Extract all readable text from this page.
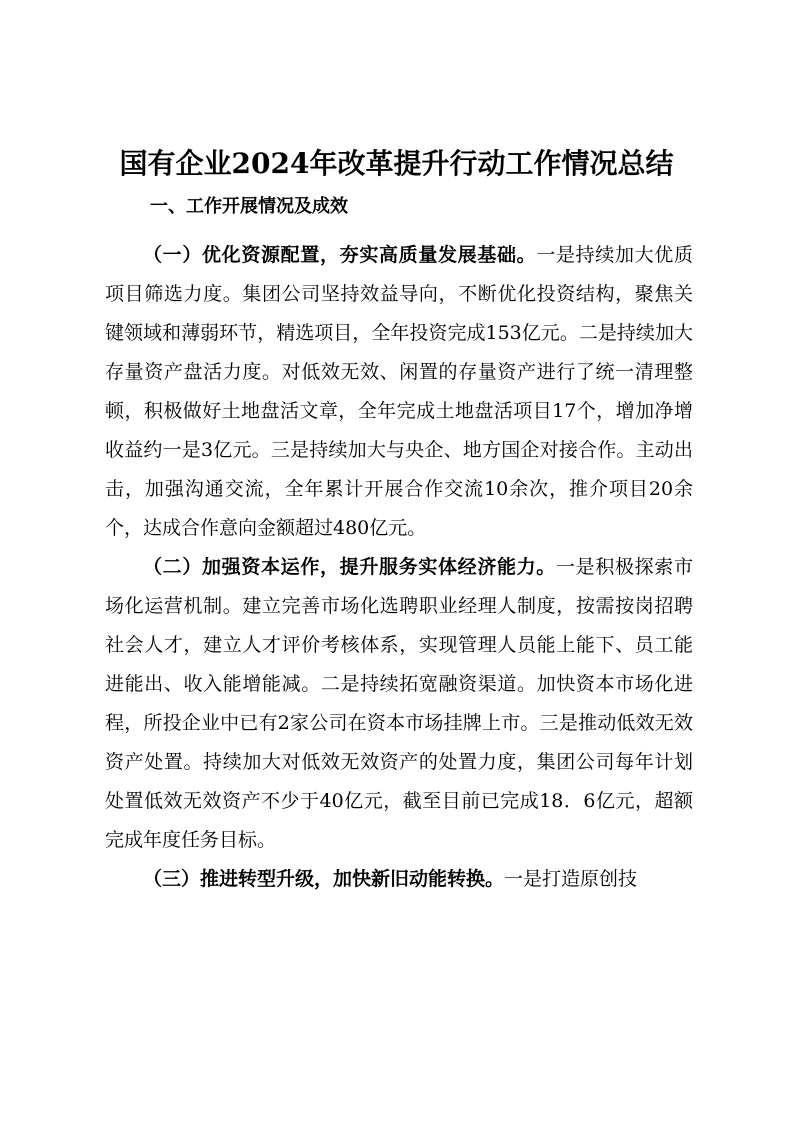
国有企业2024年改革提升行动工作情况总结
一、工作开展情况及成效

（一）优化资源配置，夯实高质量发展基础。一是持续加大优质项目筛选力度。集团公司坚持效益导向，不断优化投资结构，聚焦关键领域和薄弱环节，精选项目，全年投资完成153亿元。二是持续加大存量资产盘活力度。对低效无效、闲置的存量资产进行了统一清理整顿，积极做好土地盘活文章，全年完成土地盘活项目17个，增加净增收益约一是3亿元。三是持续加大与央企、地方国企对接合作。主动出击，加强沟通交流，全年累计开展合作交流10余次，推介项目20余个，达成合作意向金额超过480亿元。

（二）加强资本运作，提升服务实体经济能力。一是积极探索市场化运营机制。建立完善市场化选聘职业经理人制度，按需按岗招聘社会人才，建立人才评价考核体系，实现管理人员能上能下、员工能进能出、收入能增能减。二是持续拓宽融资渠道。加快资本市场化进程，所投企业中已有2家公司在资本市场挂牌上市。三是推动低效无效资产处置。持续加大对低效无效资产的处置力度，集团公司每年计划处置低效无效资产不少于40亿元，截至目前已完成18．6亿元，超额完成年度任务目标。

（三）推进转型升级，加快新旧动能转换。一是打造原创技
